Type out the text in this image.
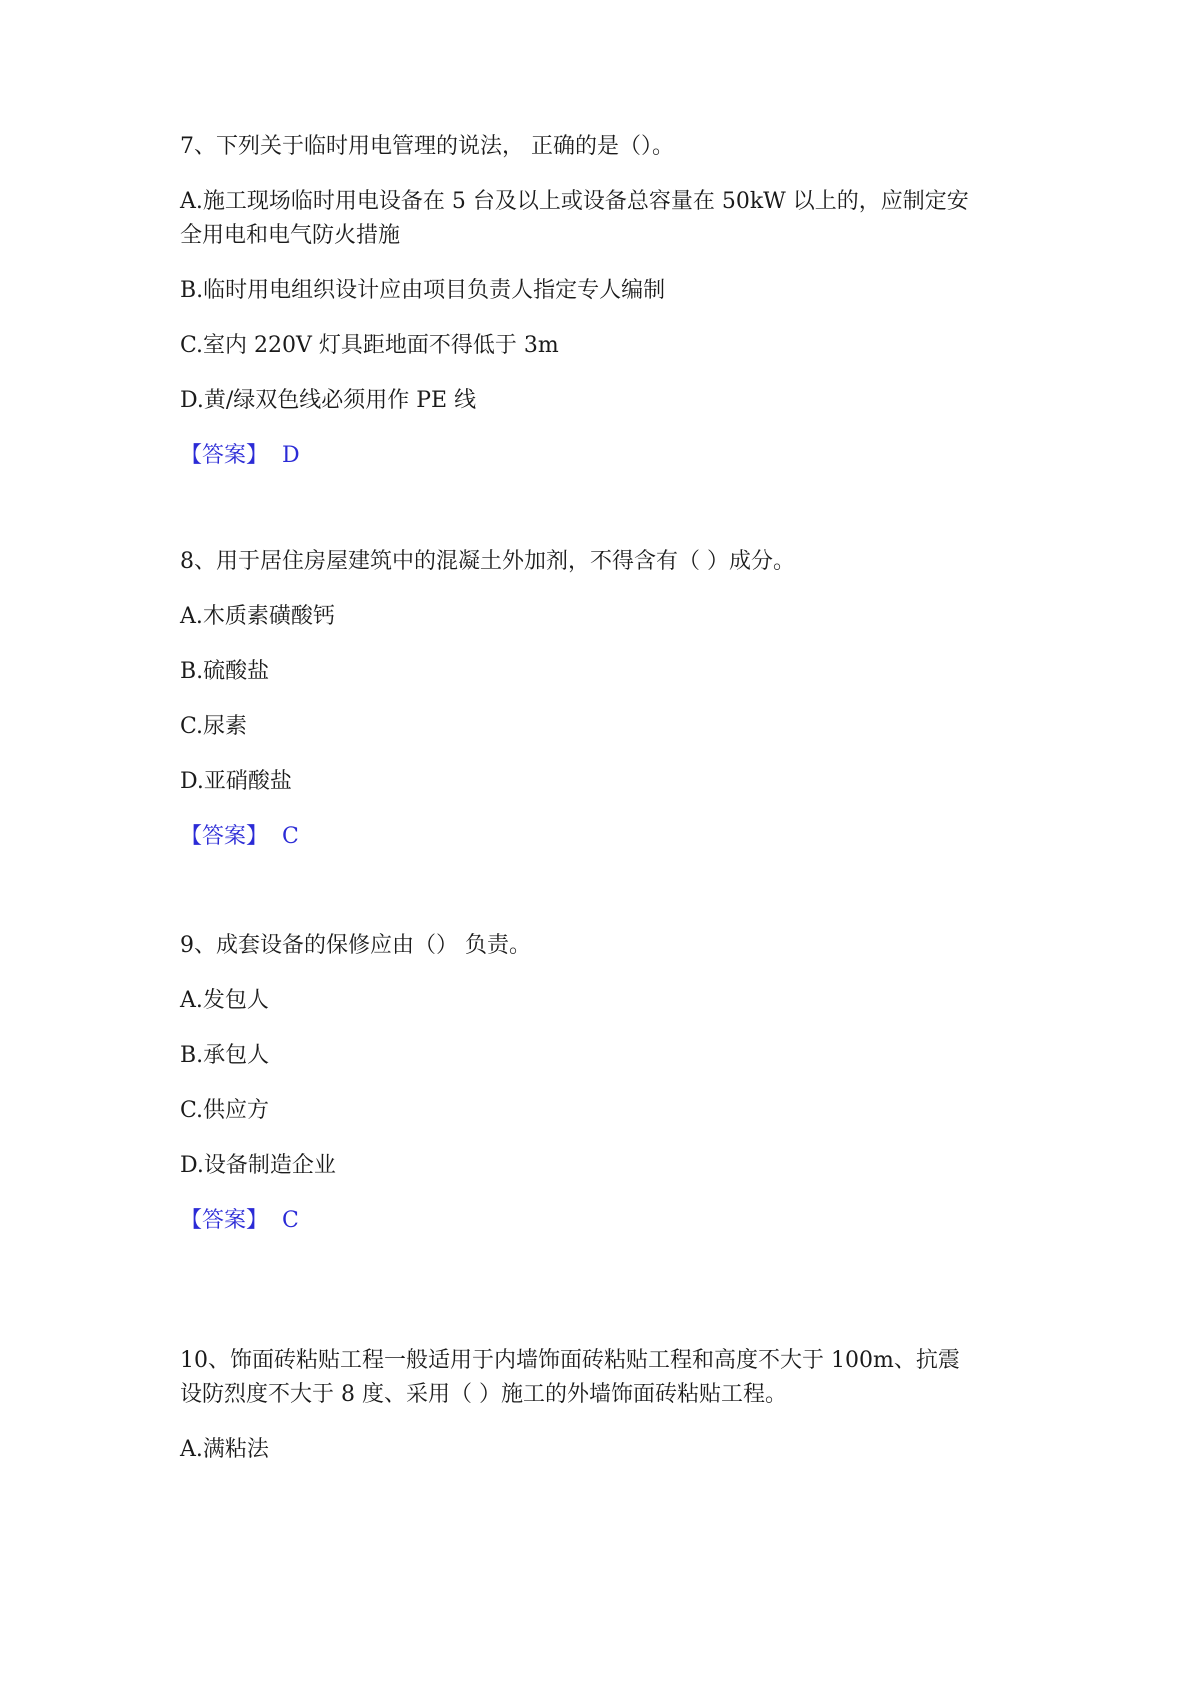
7、下列关于临时用电管理的说法， 正确的是（）。
A.施工现场临时用电设备在 5 台及以上或设备总容量在 50kW 以上的，应制定安
全用电和电气防火措施
B.临时用电组织设计应由项目负责人指定专人编制
C.室内 220V 灯具距地面不得低于 3m
D.黄/绿双色线必须用作 PE 线
【答案】 D
8、用于居住房屋建筑中的混凝土外加剂，不得含有（ ）成分。
A.木质素磺酸钙
B.硫酸盐
C.尿素
D.亚硝酸盐
【答案】 C
9、成套设备的保修应由（） 负责。
A.发包人
B.承包人
C.供应方
D.设备制造企业
【答案】 C
10、饰面砖粘贴工程一般适用于内墙饰面砖粘贴工程和高度不大于 100m、抗震
设防烈度不大于 8 度、采用（ ）施工的外墙饰面砖粘贴工程。
A.满粘法
